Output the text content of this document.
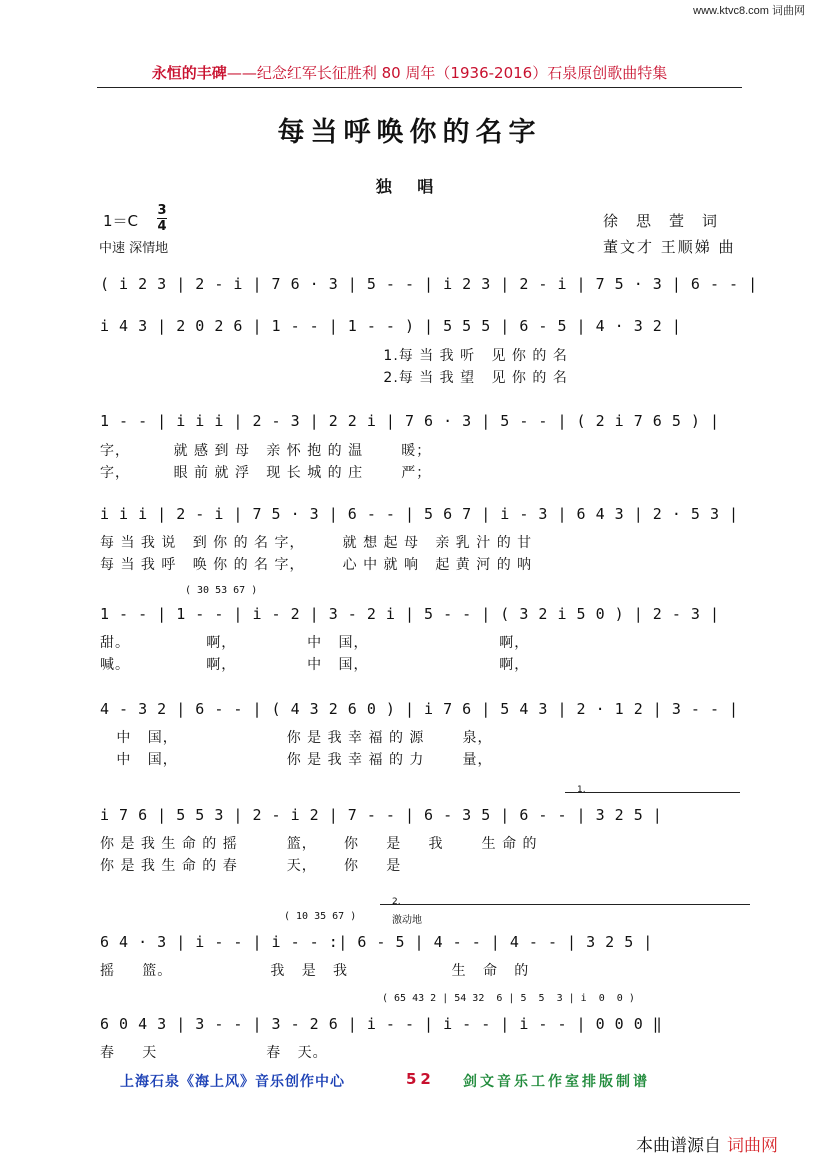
www.ktvc8.com 词曲网
永恒的丰碑——纪念红军长征胜利 80 周年（1936-2016）石泉原创歌曲特集
每当呼唤你的名字
独 唱
1＝C
3
4
中速 深情地
徐思萱词
董文才 王顺娣 曲
( i 2 3 | 2 - i | 7 6 · 3 | 5 - - | i 2 3 | 2 - i | 7 5 · 3 | 6 - - |
i 4 3 | 2 0 2 6 | 1 - - | 1 - - ) | 5 5 5 | 6 - 5 | 4 · 3 2 |
1.每 当 我 听   见 你 的 名
2.每 当 我 望   见 你 的 名
1 - - | i i i | 2 - 3 | 2 2 i | 7 6 · 3 | 5 - - | ( 2 i 7 6 5 ) |
字，        就 感 到 母   亲 怀 抱 的 温       暖；
字，        眼 前 就 浮   现 长 城 的 庄       严；
i i i | 2 - i | 7 5 · 3 | 6 - - | 5 6 7 | i - 3 | 6 4 3 | 2 · 5 3 |
每 当 我 说   到 你 的 名 字，       就 想 起 母   亲 乳 汁 的 甘
每 当 我 呼   唤 你 的 名 字，       心 中 就 响   起 黄 河 的 呐
( 30 53 67 )
1 - - | 1 - - | i - 2 | 3 - 2 i | 5 - - | ( 3 2 i 5 0 ) | 2 - 3 |
甜。              啊，             中   国，                        啊，
喊。              啊，             中   国，                        啊，
4 - 3 2 | 6 - - | ( 4 3 2 6 0 ) | i 7 6 | 5 4 3 | 2 · 1 2 | 3 - - |
中   国，                    你 是 我 幸 福 的 源       泉，
中   国，                    你 是 我 幸 福 的 力       量，
1.
i 7 6 | 5 5 3 | 2 - i 2 | 7 - - | 6 - 3 5 | 6 - - | 3 2 5 |
你 是 我 生 命 的 摇         篮，     你     是     我       生 命 的
你 是 我 生 命 的 春         天，     你     是
2.
( 10 35 67 )	激动地
6 4 · 3 | i - - | i - - :| 6 - 5 | 4 - - | 4 - - | 3 2 5 |
摇     篮。                  我   是   我                   生   命   的
( 65 43 2 | 54 32  6 | 5  5  3 | i  0  0 )
6 0 4 3 | 3 - - | 3 - 2 6 | i - - | i - - | i - - | 0 0 0 ‖
春     天                    春   天。
上海石泉《海上风》音乐创作中心	52 剑文音乐工作室排版制谱
本曲谱源自 词曲网
